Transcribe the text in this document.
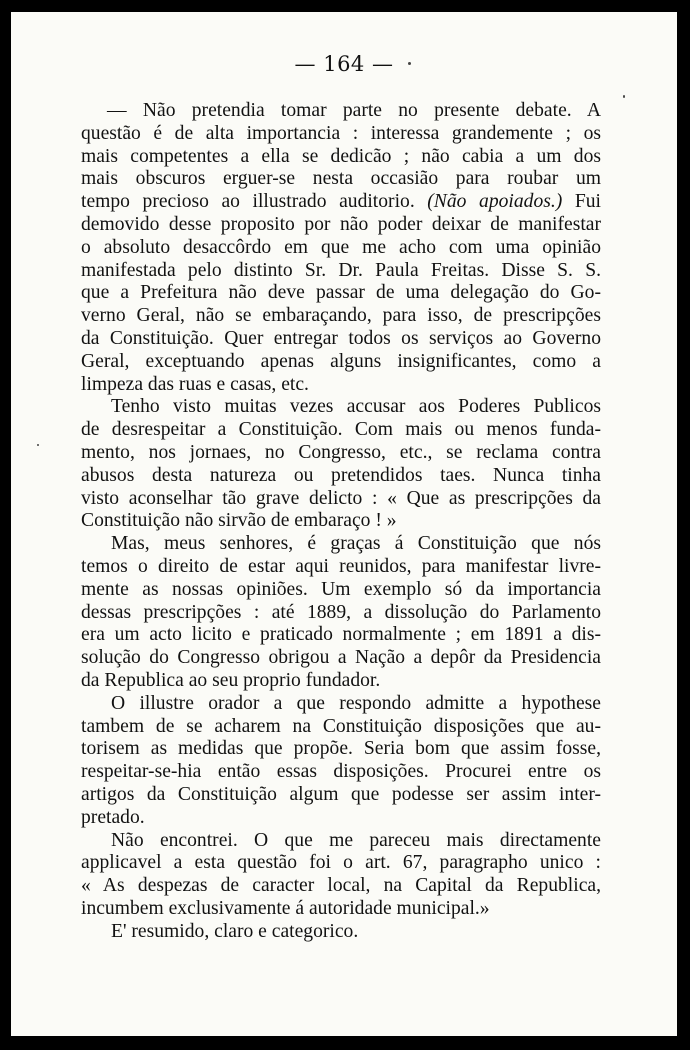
— 164 —
— Não pretendia tomar parte no presente debate. A
questão é de alta importancia : interessa grandemente ; os
mais competentes a ella se dedicão ; não cabia a um dos
mais obscuros erguer-se nesta occasião para roubar um
tempo precioso ao illustrado auditorio. (Não apoiados.) Fui
demovido desse proposito por não poder deixar de manifestar
o absoluto desaccôrdo em que me acho com uma opinião
manifestada pelo distinto Sr. Dr. Paula Freitas. Disse S. S.
que a Prefeitura não deve passar de uma delegação do Go-
verno Geral, não se embaraçando, para isso, de prescripções
da Constituição. Quer entregar todos os serviços ao Governo
Geral, exceptuando apenas alguns insignificantes, como a
limpeza das ruas e casas, etc.
Tenho visto muitas vezes accusar aos Poderes Publicos
de desrespeitar a Constituição. Com mais ou menos funda-
mento, nos jornaes, no Congresso, etc., se reclama contra
abusos desta natureza ou pretendidos taes. Nunca tinha
visto aconselhar tão grave delicto : « Que as prescripções da
Constituição não sirvão de embaraço ! »
Mas, meus senhores, é graças á Constituição que nós
temos o direito de estar aqui reunidos, para manifestar livre-
mente as nossas opiniões. Um exemplo só da importancia
dessas prescripções : até 1889, a dissolução do Parlamento
era um acto licito e praticado normalmente ; em 1891 a dis-
solução do Congresso obrigou a Nação a depôr da Presidencia
da Republica ao seu proprio fundador.
O illustre orador a que respondo admitte a hypothese
tambem de se acharem na Constituição disposições que au-
torisem as medidas que propõe. Seria bom que assim fosse,
respeitar-se-hia então essas disposições. Procurei entre os
artigos da Constituição algum que podesse ser assim inter-
pretado.
Não encontrei. O que me pareceu mais directamente
applicavel a esta questão foi o art. 67, paragrapho unico :
« As despezas de caracter local, na Capital da Republica,
incumbem exclusivamente á autoridade municipal.»
E' resumido, claro e categorico.
